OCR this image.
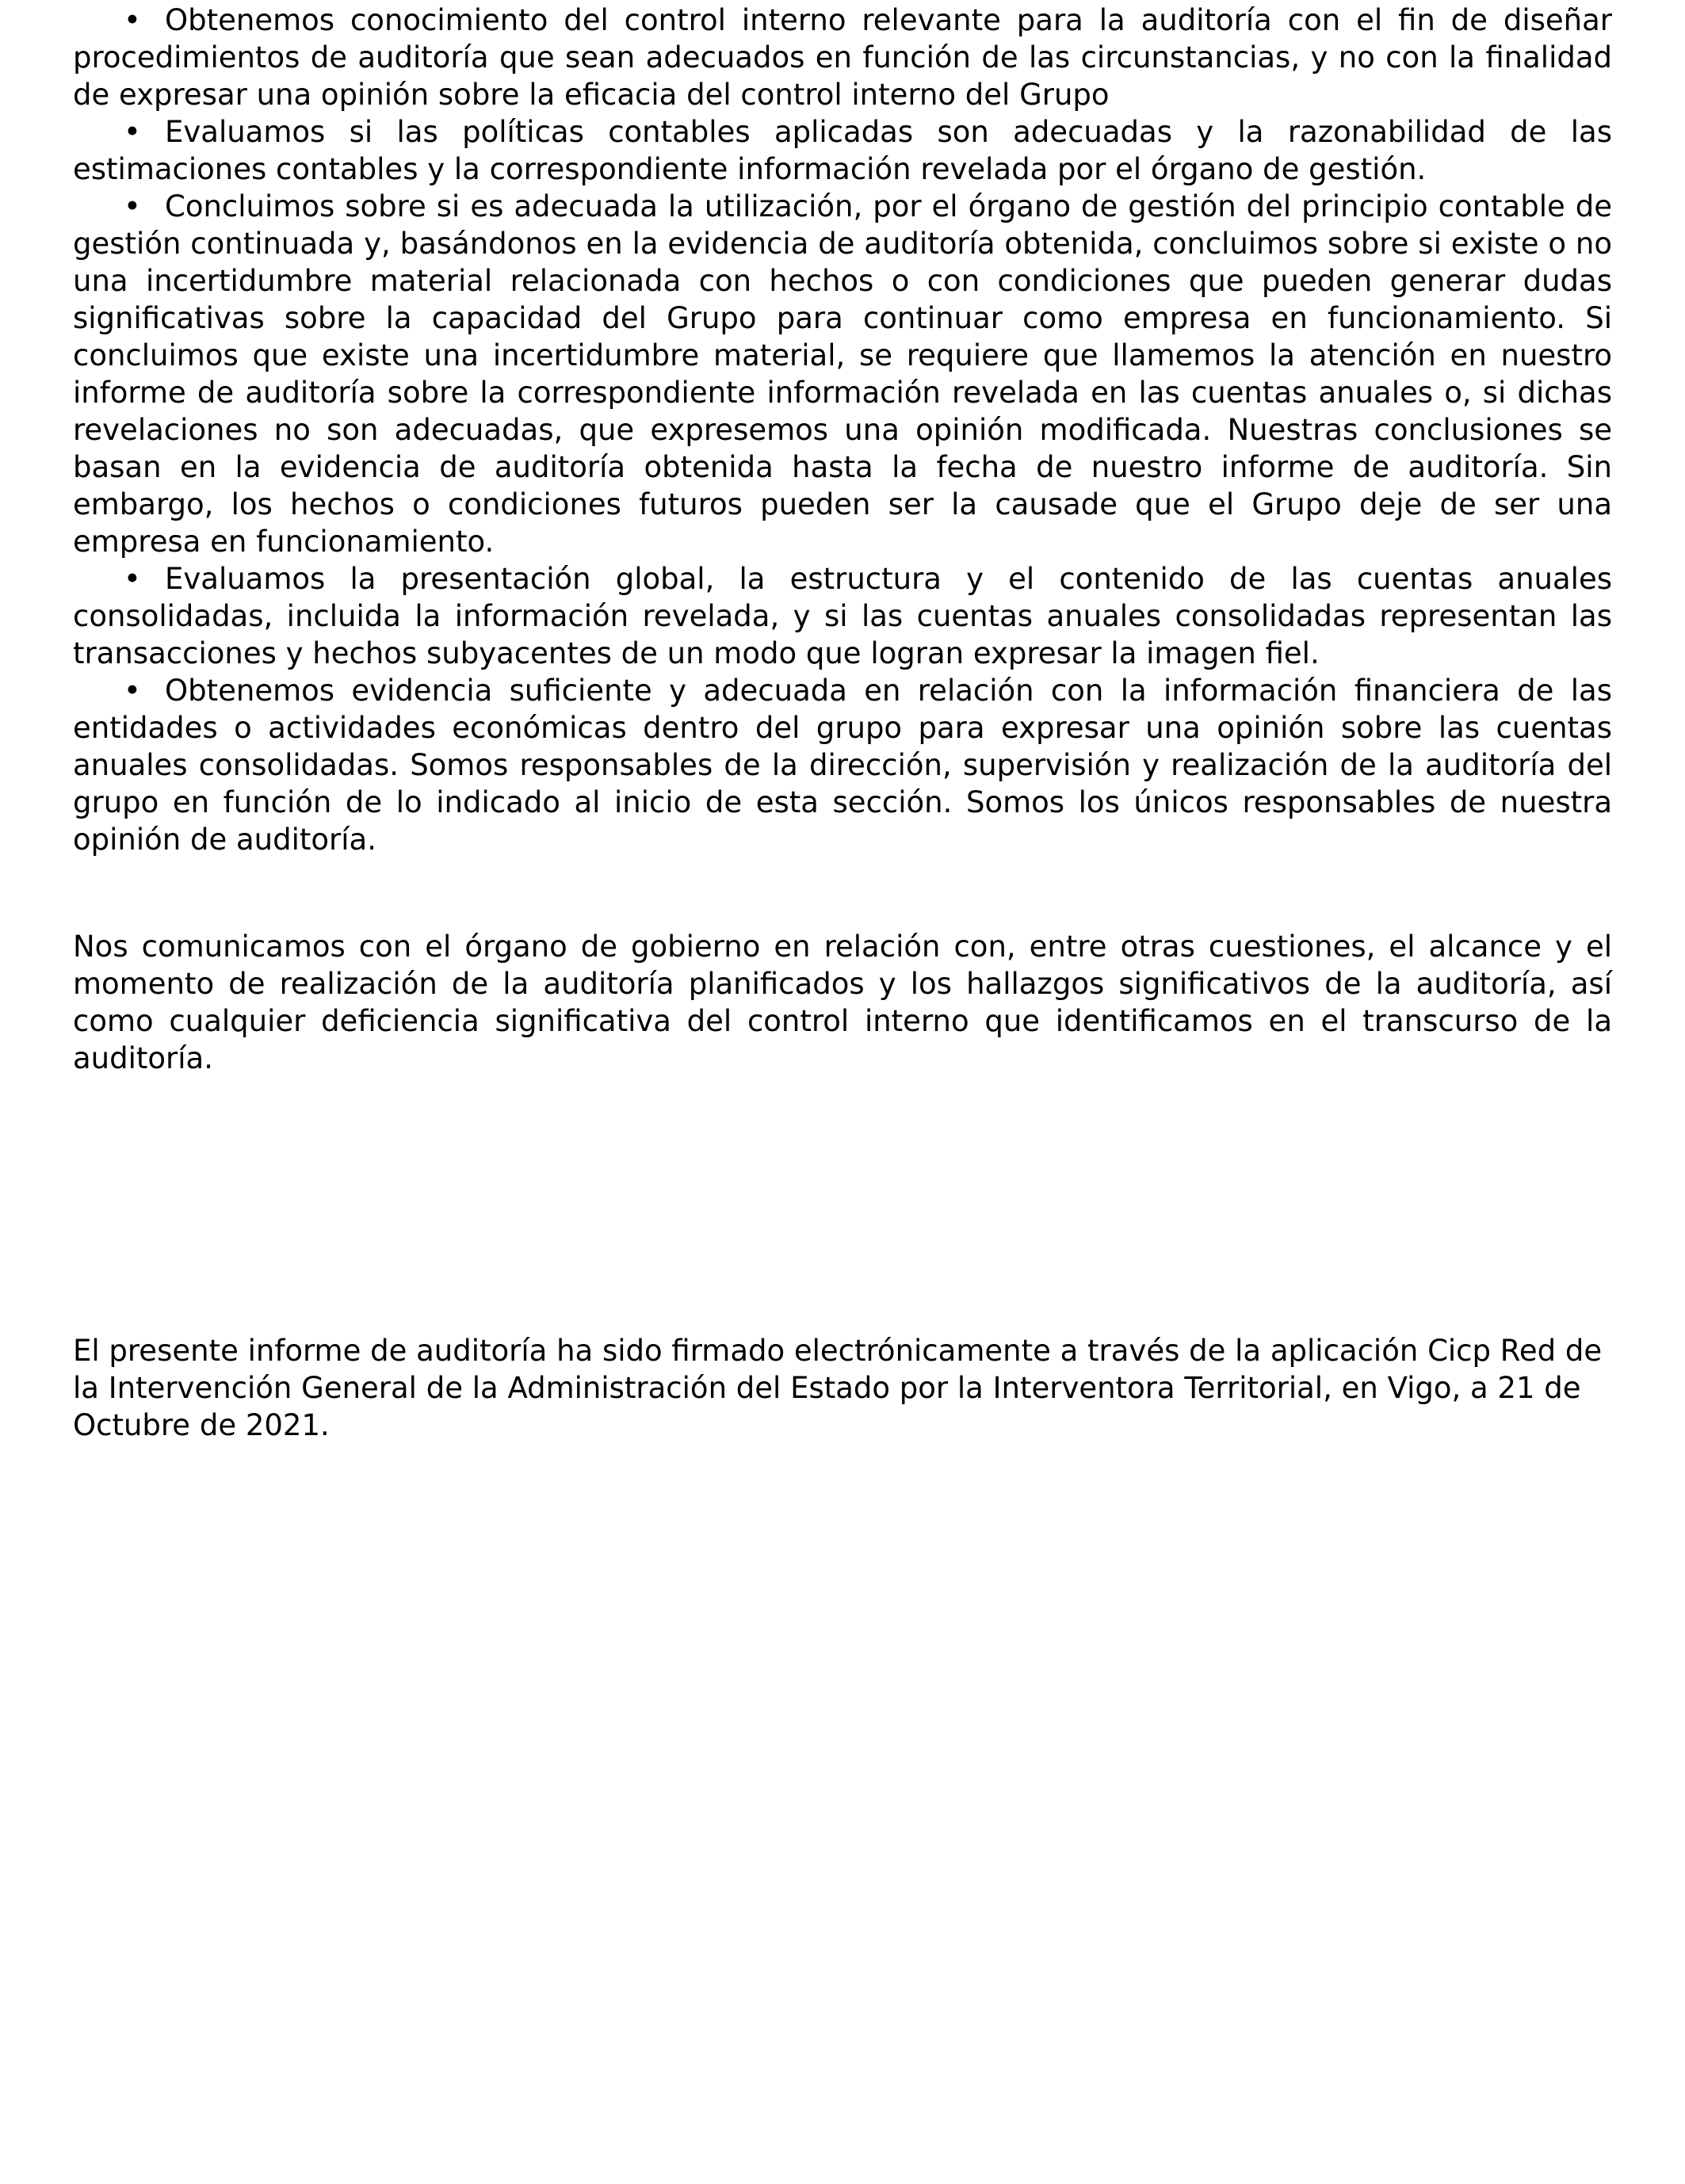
• Obtenemos conocimiento del control interno relevante para la auditoría con el fin de diseñar procedimientos de auditoría que sean adecuados en función de las circunstancias, y no con la finalidad de expresar una opinión sobre la eficacia del control interno del Grupo

• Evaluamos si las políticas contables aplicadas son adecuadas y la razonabilidad de las estimaciones contables y la correspondiente información revelada por el órgano de gestión.

• Concluimos sobre si es adecuada la utilización, por el órgano de gestión del principio contable de gestión continuada y, basándonos en la evidencia de auditoría obtenida, concluimos sobre si existe o no una incertidumbre material relacionada con hechos o con condiciones que pueden generar dudas significativas sobre la capacidad del Grupo para continuar como empresa en funcionamiento. Si concluimos que existe una incertidumbre material, se requiere que llamemos la atención en nuestro informe de auditoría sobre la correspondiente información revelada en las cuentas anuales o, si dichas revelaciones no son adecuadas, que expresemos una opinión modificada. Nuestras conclusiones se basan en la evidencia de auditoría obtenida hasta la fecha de nuestro informe de auditoría. Sin embargo, los hechos o condiciones futuros pueden ser la causade que el Grupo deje de ser una empresa en funcionamiento.

• Evaluamos la presentación global, la estructura y el contenido de las cuentas anuales consolidadas, incluida la información revelada, y si las cuentas anuales consolidadas representan las transacciones y hechos subyacentes de un modo que logran expresar la imagen fiel.

• Obtenemos evidencia suficiente y adecuada en relación con la información financiera de las entidades o actividades económicas dentro del grupo para expresar una opinión sobre las cuentas anuales consolidadas. Somos responsables de la dirección, supervisión y realización de la auditoría del grupo en función de lo indicado al inicio de esta sección. Somos los únicos responsables de nuestra opinión de auditoría.

Nos comunicamos con el órgano de gobierno en relación con, entre otras cuestiones, el alcance y el momento de realización de la auditoría planificados y los hallazgos significativos de la auditoría, así como cualquier deficiencia significativa del control interno que identificamos en el transcurso de la auditoría.

El presente informe de auditoría ha sido firmado electrónicamente a través de la aplicación Cicp Red de la Intervención General de la Administración del Estado por la Interventora Territorial, en Vigo, a 21 de Octubre de 2021.
